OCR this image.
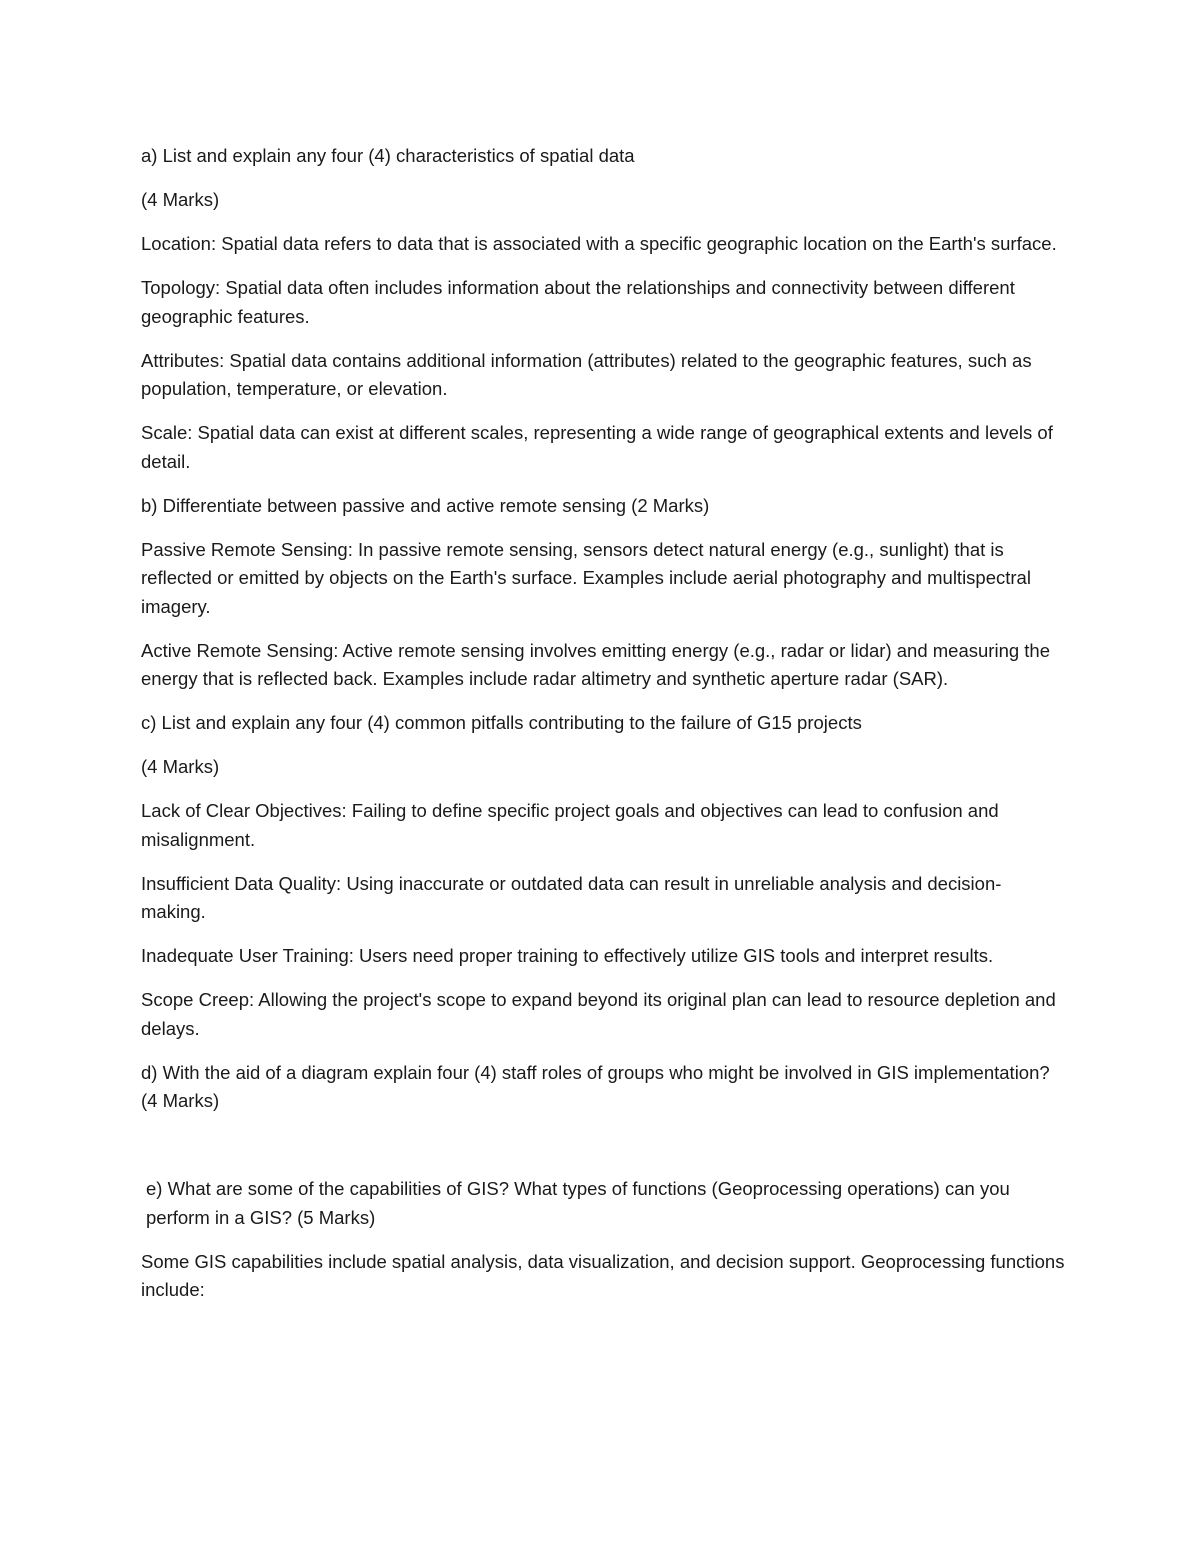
a) List and explain any four (4) characteristics of spatial data

(4 Marks)

Location: Spatial data refers to data that is associated with a specific geographic location on the Earth's surface.

Topology: Spatial data often includes information about the relationships and connectivity between different geographic features.

Attributes: Spatial data contains additional information (attributes) related to the geographic features, such as population, temperature, or elevation.

Scale: Spatial data can exist at different scales, representing a wide range of geographical extents and levels of detail.

b) Differentiate between passive and active remote sensing (2 Marks)

Passive Remote Sensing: In passive remote sensing, sensors detect natural energy (e.g., sunlight) that is reflected or emitted by objects on the Earth's surface. Examples include aerial photography and multispectral imagery.

Active Remote Sensing: Active remote sensing involves emitting energy (e.g., radar or lidar) and measuring the energy that is reflected back. Examples include radar altimetry and synthetic aperture radar (SAR).

c) List and explain any four (4) common pitfalls contributing to the failure of G15 projects

(4 Marks)

Lack of Clear Objectives: Failing to define specific project goals and objectives can lead to confusion and misalignment.

Insufficient Data Quality: Using inaccurate or outdated data can result in unreliable analysis and decision-making.

Inadequate User Training: Users need proper training to effectively utilize GIS tools and interpret results.

Scope Creep: Allowing the project's scope to expand beyond its original plan can lead to resource depletion and delays.

d) With the aid of a diagram explain four (4) staff roles of groups who might be involved in GIS implementation? (4 Marks)

e) What are some of the capabilities of GIS? What types of functions (Geoprocessing operations) can you perform in a GIS? (5 Marks)

Some GIS capabilities include spatial analysis, data visualization, and decision support. Geoprocessing functions include:
